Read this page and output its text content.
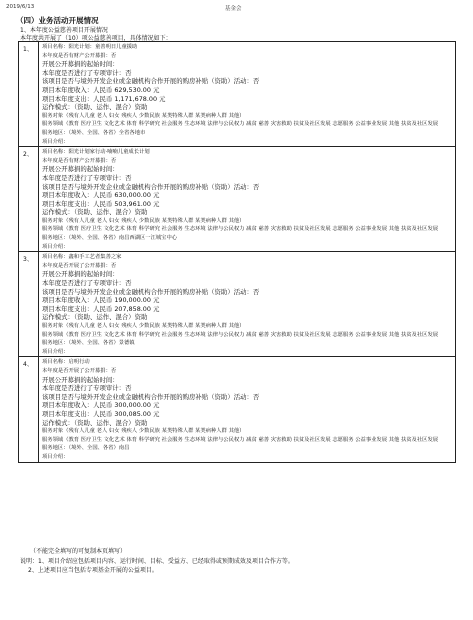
2019/6/13	基金会
（四）业务活动开展情况
1、本年度公益慈善项目开展情况
本年度共开展了（10）项公益慈善项目，具体情况如下：
1、	项目名称：阳光计划：童善明日儿童援助
本年度是否有财产公开募捐：否
开展公开募捐的起始时间：
本年度是否进行了专项审计：否
该项目是否与境外开发企业或金融机构合作开展的购房补贴（资助）活动：否
项目本年度收入：人民币 629,530.00 元
项目本年度支出：人民币 1,171,678.00 元
运作模式：（资助、运作、混合）资助
服务对象（残有人儿童 老人 妇女 残疾人 少数民族 某类特殊人群 某类病种人群 其他）
服务领域（教育 医疗卫生 文化艺术 体育 科学研究 社会服务 生态环境 法律与公民权力 减贫 慈善 灾害救助 扶贫及社区发展 志愿服务 公益事业发展 其他 扶贫及社区发展
服务地区：（境外、全国、各省）全省各地市
项目介绍：
2、	项目名称：阳光计划家行动·喃喃儿童成长计划
本年度是否有财产公开募捐：否
开展公开募捐的起始时间：
本年度是否进行了专项审计：否
该项目是否与境外开发企业或金融机构合作开展的购房补贴（资助）活动：否
项目本年度收入：人民币 630,000.00 元
项目本年度支出：人民币 503,961.00 元
运作模式：（资助、运作、混合）资助
服务对象（残有人儿童 老人 妇女 残疾人 少数民族 某类特殊人群 某类病种人群 其他）
服务领域（教育 医疗卫生 文化艺术 体育 科学研究 社会服务 生态环境 法律与公民权力 减贫 慈善 灾害救助 扶贫及社区发展 志愿服务 公益事业发展 其他 扶贫及社区发展
服务地区：（境外、全国、各省）南昌西湖区一江城宝中心
项目介绍：
3、	项目名称：鑫和手工艺者集善之家
本年度是否开展了公开募捐：否
开展公开募捐的起始时间：
本年度是否进行了专项审计：否
该项目是否与境外开发企业或金融机构合作开展的购房补贴（资助）活动：否
项目本年度收入：人民币 190,000.00 元
项目本年度支出：人民币 207,858.00 元
运作模式：（资助、运作、混合）资助
服务对象（残有人儿童 老人 妇女 残疾人 少数民族 某类特殊人群 某类病种人群 其他）
服务领域（教育 医疗卫生 文化艺术 体育 科学研究 社会服务 生态环境 法律与公民权力 减贫 慈善 灾害救助 扶贫及社区发展 志愿服务 公益事业发展 其他 扶贫及社区发展
服务地区：（境外、全国、各省）景德镇
项目介绍：
4、	项目名称：启明行动
本年度是否开展了公开募捐：否
开展公开募捐的起始时间：
本年度是否进行了专项审计：否
该项目是否与境外开发企业或金融机构合作开展的购房补贴（资助）活动：否
项目本年度收入：人民币 300,000.00 元
项目本年度支出：人民币 300,085.00 元
运作模式：（资助、运作、混合）资助
服务对象（残有人儿童 老人 妇女 残疾人 少数民族 某类特殊人群 某类病种人群 其他）
服务领域（教育 医疗卫生 文化艺术 体育 科学研究 社会服务 生态环境 法律与公民权力 减贫 慈善 灾害救助 扶贫及社区发展 志愿服务 公益事业发展 其他 扶贫及社区发展
服务地区：（境外、全国、各省）南昌
项目介绍：
（不能完全填写的可复制本页填写）
说明：1、项目介绍应包括项目内容、运行时间、目标、受益方、已经取得或预期成效及项目合作方等。
2、上述项目应当包括专项基金开展的公益项目。
